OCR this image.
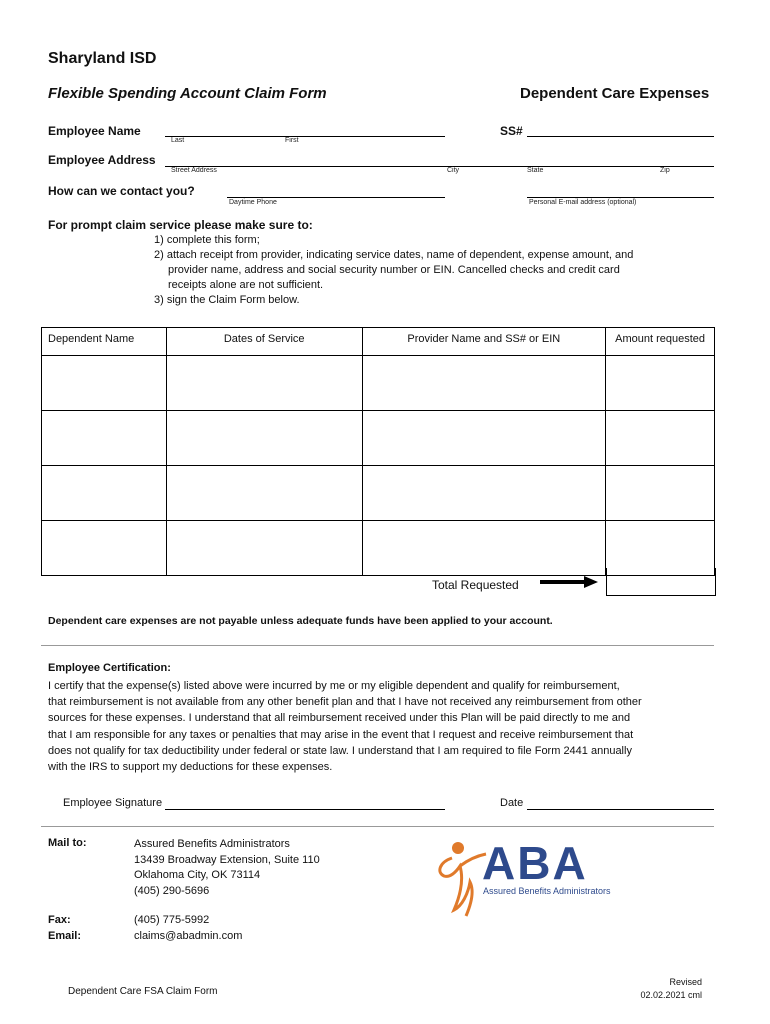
Sharyland ISD
Flexible Spending Account Claim Form	Dependent Care Expenses
Employee Name
Last	First
SS#
Employee Address
Street Address	City	State	Zip
How can we contact you?
Daytime Phone	Personal E-mail address (optional)
For prompt claim service please make sure to:
1) complete this form;
2) attach receipt from provider, indicating service dates, name of dependent, expense amount, and
provider name, address and social security number or EIN. Cancelled checks and credit card
receipts alone are not sufficient.
3) sign the Claim Form below.
Dependent Name	Dates of Service	Provider Name and SS# or EIN	Amount requested

Total Requested
Dependent care expenses are not payable unless adequate funds have been applied to your account.
Employee Certification:
I certify that the expense(s) listed above were incurred by me or my eligible dependent and qualify for reimbursement,
that reimbursement is not available from any other benefit plan and that I have not received any reimbursement from other
sources for these expenses. I understand that all reimbursement received under this Plan will be paid directly to me and
that I am responsible for any taxes or penalties that may arise in the event that I request and receive reimbursement that
does not qualify for tax deductibility under federal or state law. I understand that I am required to file Form 2441 annually
with the IRS to support my deductions for these expenses.
Employee Signature	Date
Mail to:	Assured Benefits Administrators
13439 Broadway Extension, Suite 110
Oklahoma City, OK 73114
(405) 290-5696
Fax:	(405) 775-5992
Email:	claims@abadmin.com
ABA
Assured Benefits Administrators
Dependent Care FSA Claim Form
Revised
02.02.2021 cml
